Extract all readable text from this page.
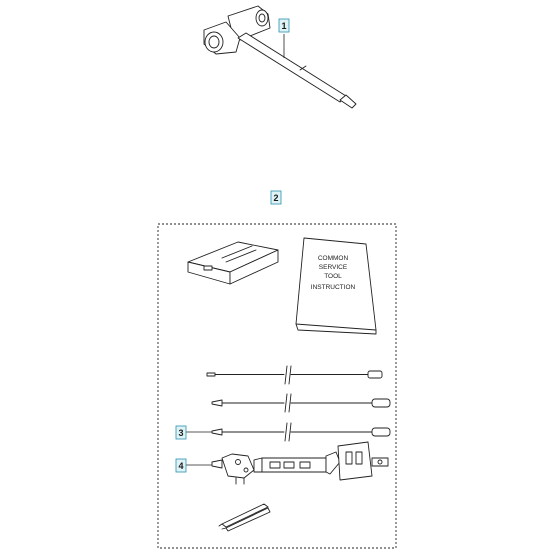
1
2
COMMON
SERVICE
TOOL
INSTRUCTION
3
4
